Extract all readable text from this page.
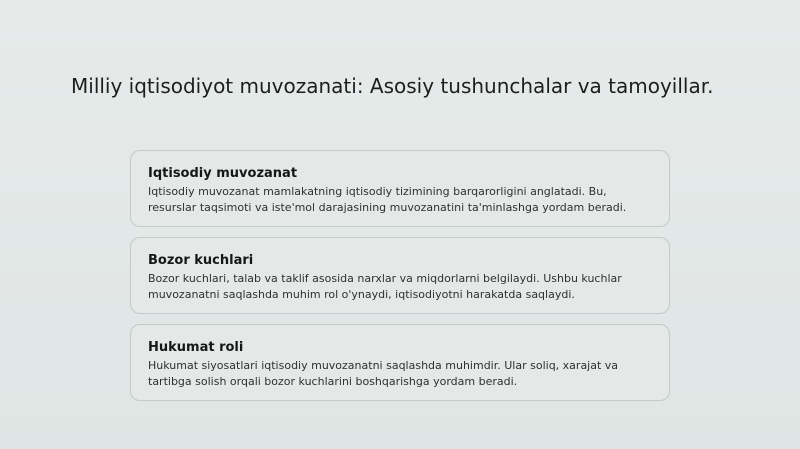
Milliy iqtisodiyot muvozanati: Asosiy tushunchalar va tamoyillar.

Iqtisodiy muvozanat

Iqtisodiy muvozanat mamlakatning iqtisodiy tizimining barqarorligini anglatadi. Bu, resurslar taqsimoti va iste'mol darajasining muvozanatini ta'minlashga yordam beradi.

Bozor kuchlari

Bozor kuchlari, talab va taklif asosida narxlar va miqdorlarni belgilaydi. Ushbu kuchlar muvozanatni saqlashda muhim rol o'ynaydi, iqtisodiyotni harakatda saqlaydi.

Hukumat roli

Hukumat siyosatlari iqtisodiy muvozanatni saqlashda muhimdir. Ular soliq, xarajat va tartibga solish orqali bozor kuchlarini boshqarishga yordam beradi.
